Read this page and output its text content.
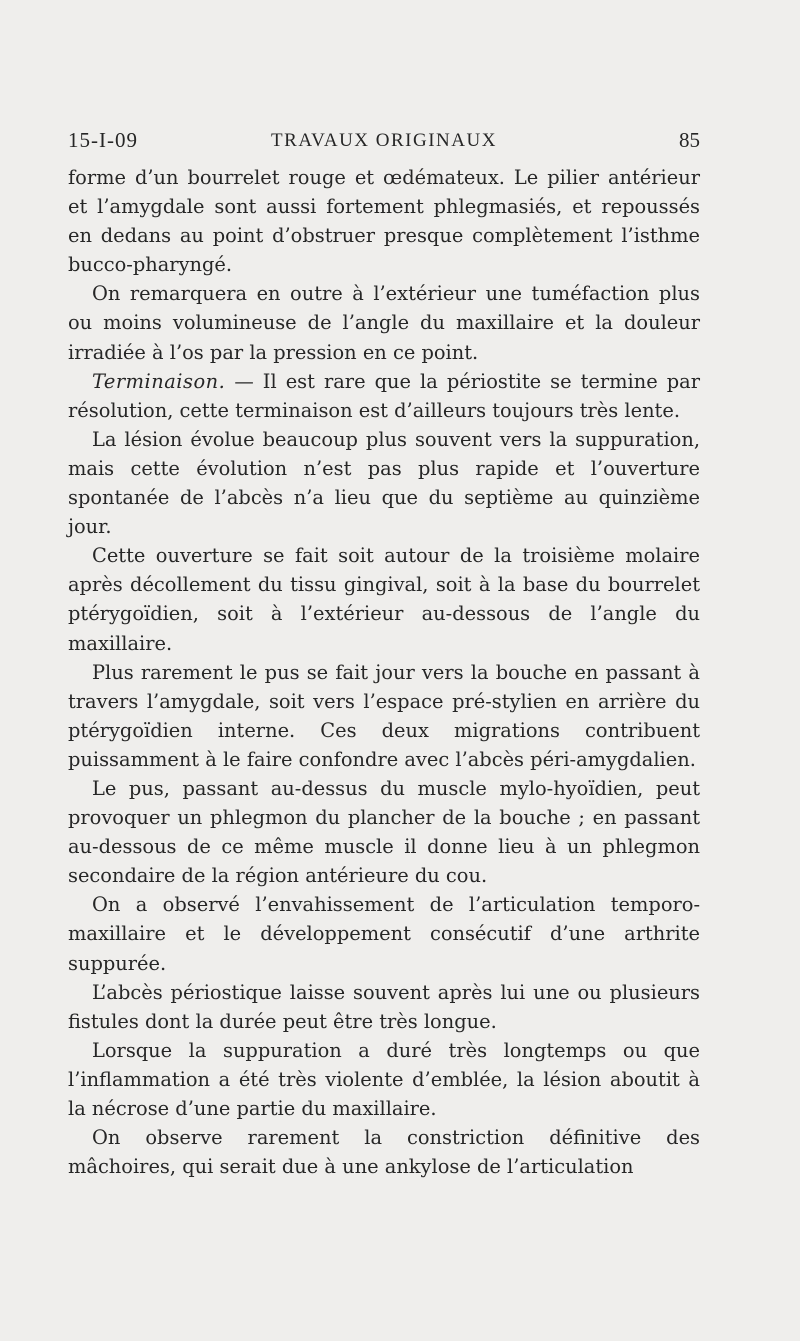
15-I-09	TRAVAUX ORIGINAUX	85

forme d’un bourrelet rouge et œdémateux. Le pilier antérieur et l’amygdale sont aussi fortement phlegmasiés, et repoussés en dedans au point d’obstruer presque complètement l’isthme bucco-pharyngé.

On remarquera en outre à l’extérieur une tuméfaction plus ou moins volumineuse de l’angle du maxillaire et la douleur irradiée à l’os par la pression en ce point.

Terminaison. — Il est rare que la périostite se termine par résolution, cette terminaison est d’ailleurs toujours très lente.

La lésion évolue beaucoup plus souvent vers la suppuration, mais cette évolution n’est pas plus rapide et l’ouverture spontanée de l’abcès n’a lieu que du septième au quinzième jour.

Cette ouverture se fait soit autour de la troisième molaire après décollement du tissu gingival, soit à la base du bourrelet ptérygoïdien, soit à l’extérieur au-dessous de l’angle du maxillaire.

Plus rarement le pus se fait jour vers la bouche en passant à travers l’amygdale, soit vers l’espace pré-stylien en arrière du ptérygoïdien interne. Ces deux migrations contribuent puissamment à le faire confondre avec l’abcès péri-amygdalien.

Le pus, passant au-dessus du muscle mylo-hyoïdien, peut provoquer un phlegmon du plancher de la bouche ; en passant au-dessous de ce même muscle il donne lieu à un phlegmon secondaire de la région antérieure du cou.

On a observé l’envahissement de l’articulation temporo-maxillaire et le développement consécutif d’une arthrite suppurée.

L’abcès périostique laisse souvent après lui une ou plusieurs fistules dont la durée peut être très longue.

Lorsque la suppuration a duré très longtemps ou que l’inflammation a été très violente d’emblée, la lésion aboutit à la nécrose d’une partie du maxillaire.

On observe rarement la constriction définitive des mâchoires, qui serait due à une ankylose de l’articulation
